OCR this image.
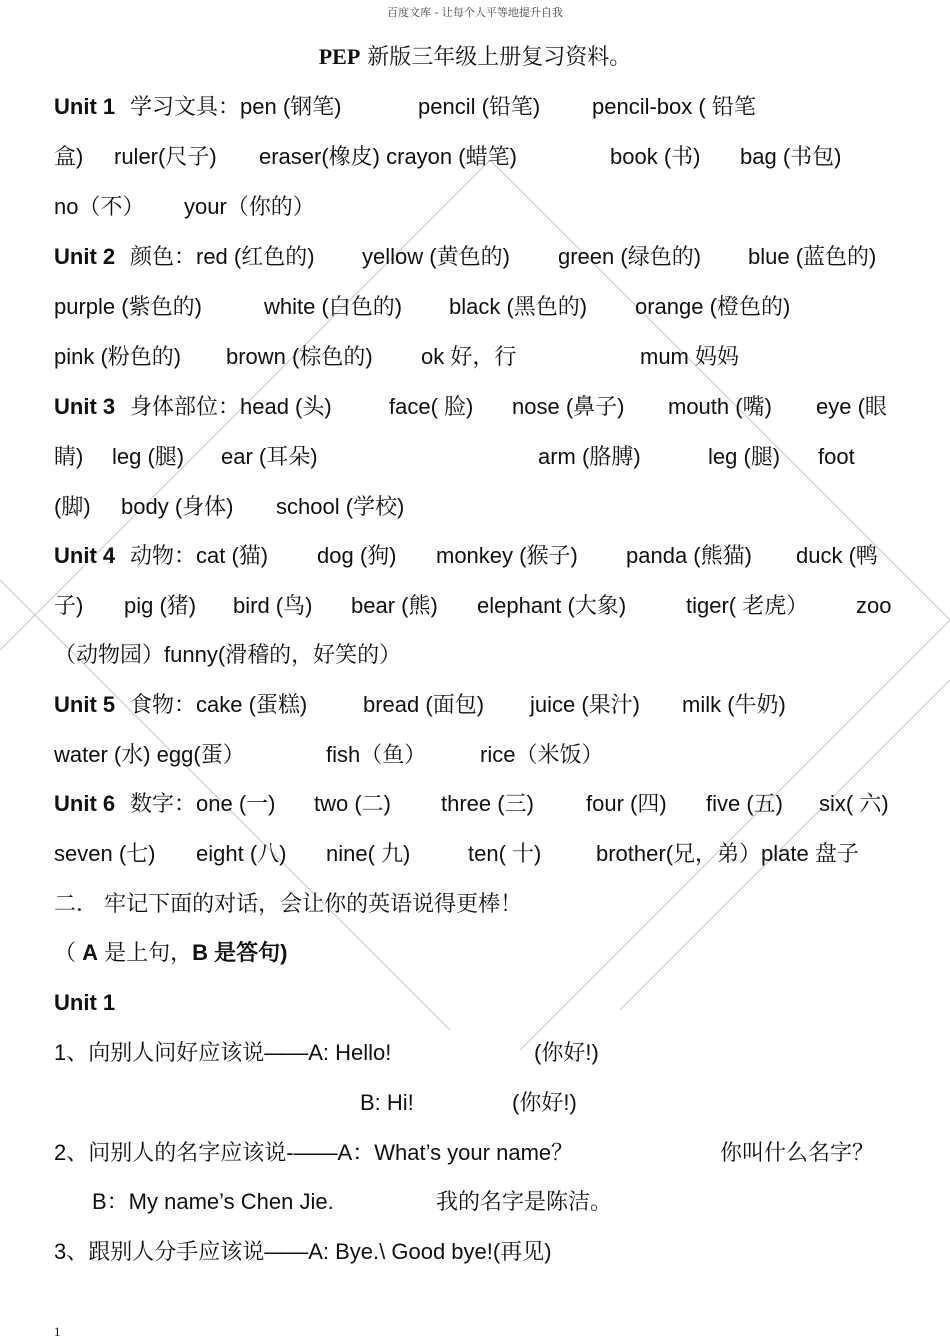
百度文库 - 让每个人平等地提升自我
PEP 新版三年级上册复习资料。
Unit 1 学习文具：pen (钢笔)	pencil (铅笔) pencil-box ( 铅笔
盒) ruler(尺子) eraser(橡皮) crayon (蜡笔)	book (书) bag (书包)
no（不） your（你的）
Unit 2 颜色：red (红色的) yellow (黄色的) green (绿色的) blue (蓝色的)
purple (紫色的)	white (白色的) black (黑色的) orange (橙色的)
pink (粉色的) brown (棕色的) ok 好，行	mum 妈妈
Unit 3 身体部位：head (头)	face( 脸) nose (鼻子) mouth (嘴) eye (眼
睛) leg (腿) ear (耳朵)	arm (胳膊)	leg (腿) foot
(脚) body (身体) school (学校)
Unit 4 动物：cat (猫) dog (狗) monkey (猴子) panda (熊猫) duck (鸭
子) pig (猪) bird (鸟) bear (熊) elephant (大象)	tiger( 老虎） zoo
（动物园）funny(滑稽的，好笑的）
Unit 5 食物：cake (蛋糕)	bread (面包) juice (果汁) milk (牛奶)
water (水) egg(蛋）	fish（鱼） rice（米饭）
Unit 6 数字：one (一) two (二) three (三) four (四) five (五) six( 六)
seven (七) eight (八) nine( 九)	ten( 十) brother(兄，弟）plate 盘子
二． 牢记下面的对话，会让你的英语说得更棒！
（ A 是上句，B 是答句)
Unit 1
1、向别人问好应该说——A: Hello!	(你好!)
B: Hi!	(你好!)
2、问别人的名字应该说-——A：What’s your name？	你叫什么名字？
B：My name’s Chen Jie.	我的名字是陈洁。
3、跟别人分手应该说——A: Bye.\ Good bye!(再见)
1
